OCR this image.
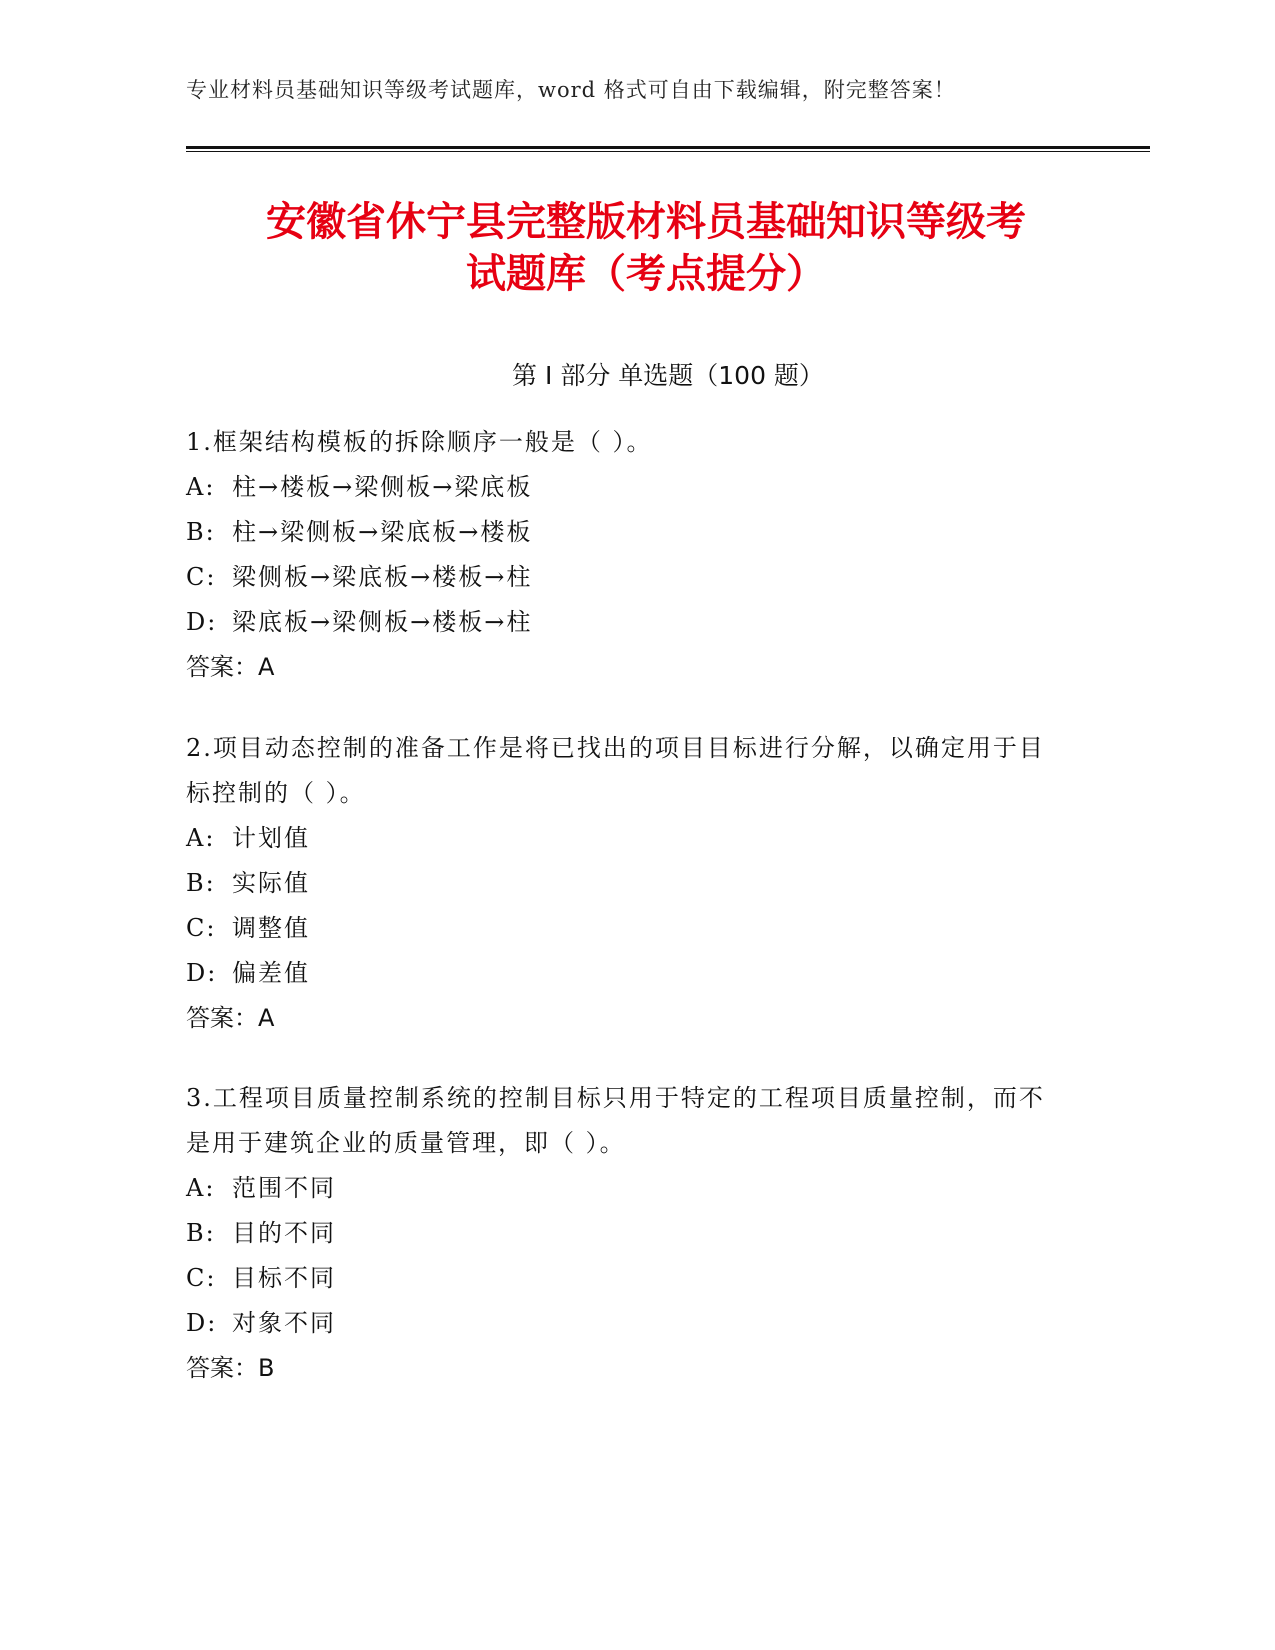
专业材料员基础知识等级考试题库，word 格式可自由下载编辑，附完整答案！
安徽省休宁县完整版材料员基础知识等级考
试题库（考点提分）
第 I 部分 单选题（100 题）

1.框架结构模板的拆除顺序一般是（ ）。

A: 柱→楼板→梁侧板→梁底板

B: 柱→梁侧板→梁底板→楼板

C: 梁侧板→梁底板→楼板→柱

D: 梁底板→梁侧板→楼板→柱

答案：A

2.项目动态控制的准备工作是将已找出的项目目标进行分解，以确定用于目标控制的（ ）。

A: 计划值

B: 实际值

C: 调整值

D: 偏差值

答案：A

3.工程项目质量控制系统的控制目标只用于特定的工程项目质量控制，而不是用于建筑企业的质量管理，即（ ）。

A: 范围不同

B: 目的不同

C: 目标不同

D: 对象不同

答案：B
